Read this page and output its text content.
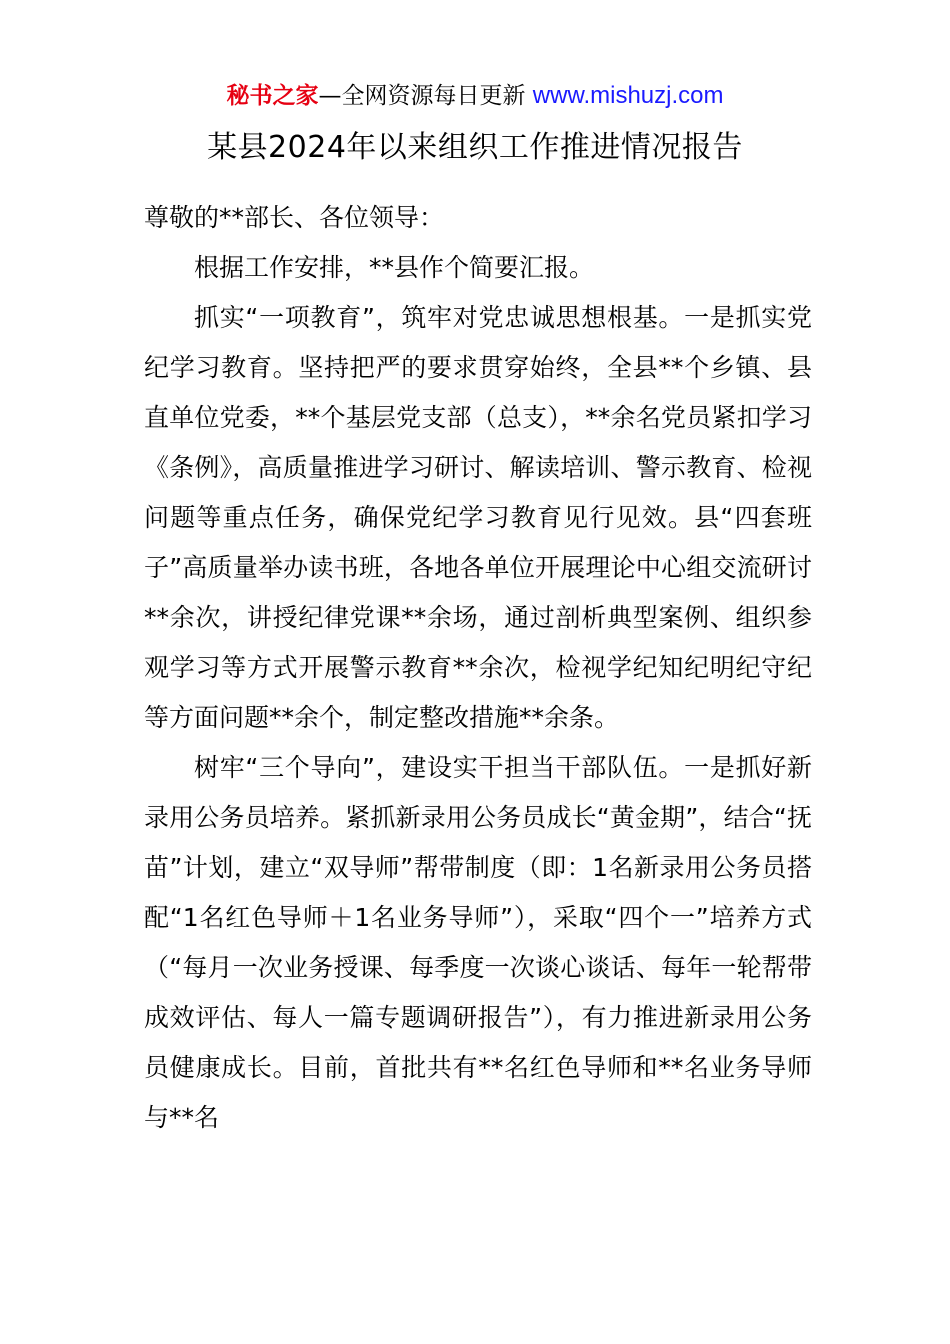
秘书之家—全网资源每日更新 www.mishuzj.com
某县2024年以来组织工作推进情况报告

尊敬的**部长、各位领导：

根据工作安排，**县作个简要汇报。

抓实“一项教育”，筑牢对党忠诚思想根基。一是抓实党纪学习教育。坚持把严的要求贯穿始终，全县**个乡镇、县直单位党委，**个基层党支部（总支），**余名党员紧扣学习《条例》，高质量推进学习研讨、解读培训、警示教育、检视问题等重点任务，确保党纪学习教育见行见效。县“四套班子”高质量举办读书班，各地各单位开展理论中心组交流研讨**余次，讲授纪律党课**余场，通过剖析典型案例、组织参观学习等方式开展警示教育**余次，检视学纪知纪明纪守纪等方面问题**余个，制定整改措施**余条。

树牢“三个导向”，建设实干担当干部队伍。一是抓好新录用公务员培养。紧抓新录用公务员成长“黄金期”，结合“抚苗”计划，建立“双导师”帮带制度（即：1名新录用公务员搭配“1名红色导师＋1名业务导师”），采取“四个一”培养方式（“每月一次业务授课、每季度一次谈心谈话、每年一轮帮带成效评估、每人一篇专题调研报告”），有力推进新录用公务员健康成长。目前，首批共有**名红色导师和**名业务导师与**名
